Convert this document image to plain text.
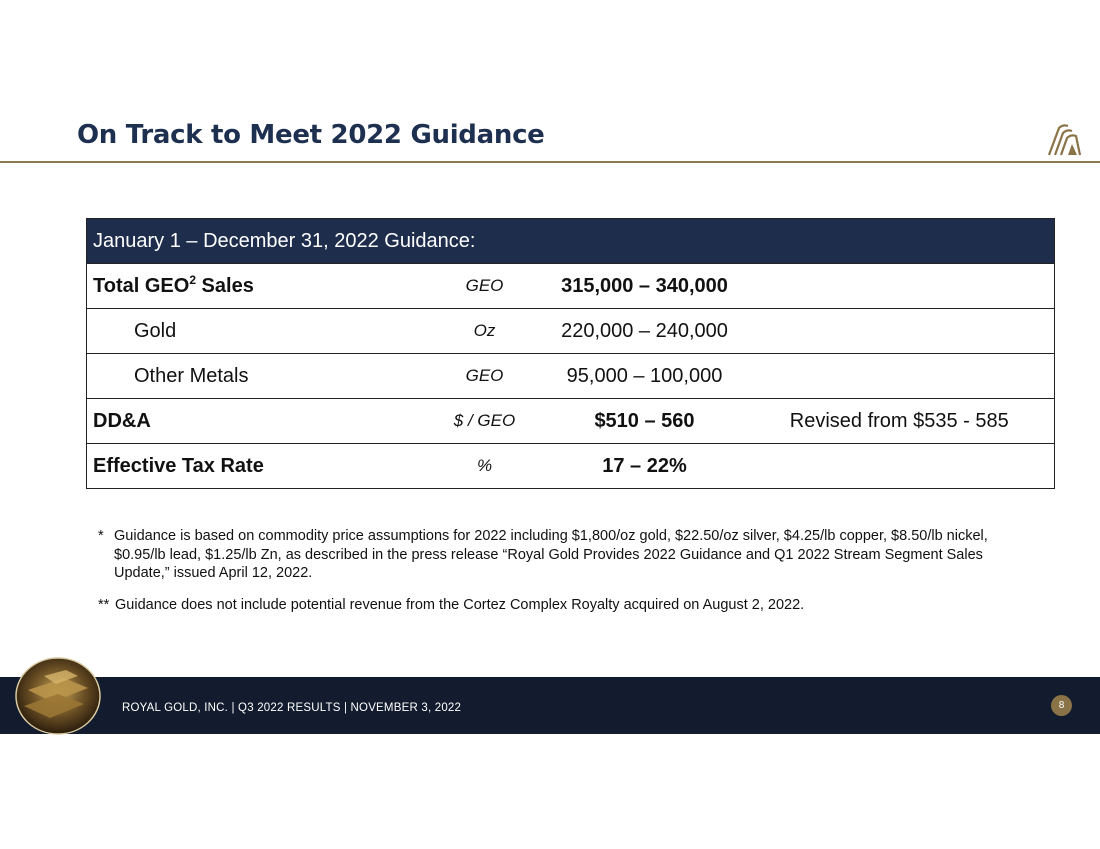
On Track to Meet 2022 Guidance
January 1 – December 31, 2022 Guidance:			
Total GEO$^2$ Sales	GEO	315,000 – 340,000	
Gold	Oz	220,000 – 240,000	
Other Metals	GEO	95,000 – 100,000	
DD&A	$ / GEO	$510 – 560	Revised from $535 - 585
Effective Tax Rate	%	17 – 22%	
* Guidance is based on commodity price assumptions for 2022 including $1,800/oz gold, $22.50/oz silver, $4.25/lb copper, $8.50/lb nickel, $0.95/lb lead, $1.25/lb Zn, as described in the press release “Royal Gold Provides 2022 Guidance and Q1 2022 Stream Segment Sales Update,” issued April 12, 2022.
** Guidance does not include potential revenue from the Cortez Complex Royalty acquired on August 2, 2022.
ROYAL GOLD, INC. | Q3 2022 RESULTS | NOVEMBER 3, 2022	8
